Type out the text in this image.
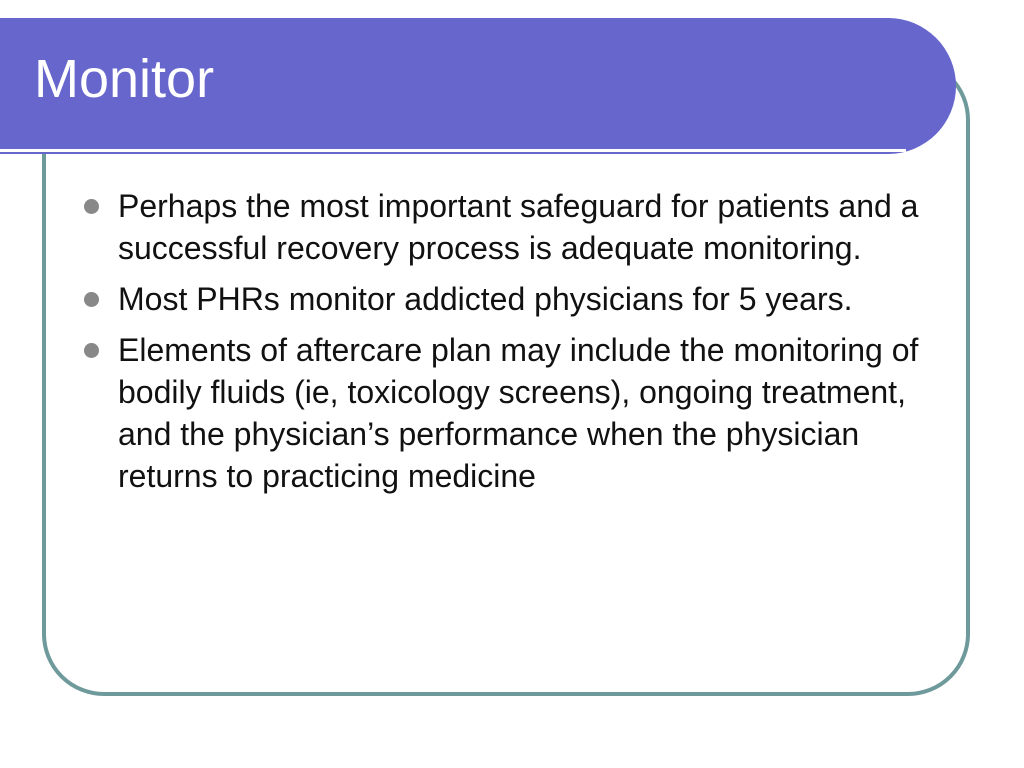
Monitor
Perhaps the most important safeguard for patients and a successful recovery process is adequate monitoring.
Most PHRs monitor addicted physicians for 5 years.
Elements of aftercare plan may include the monitoring of bodily fluids (ie, toxicology screens), ongoing treatment, and the physician’s performance when the physician returns to practicing medicine
